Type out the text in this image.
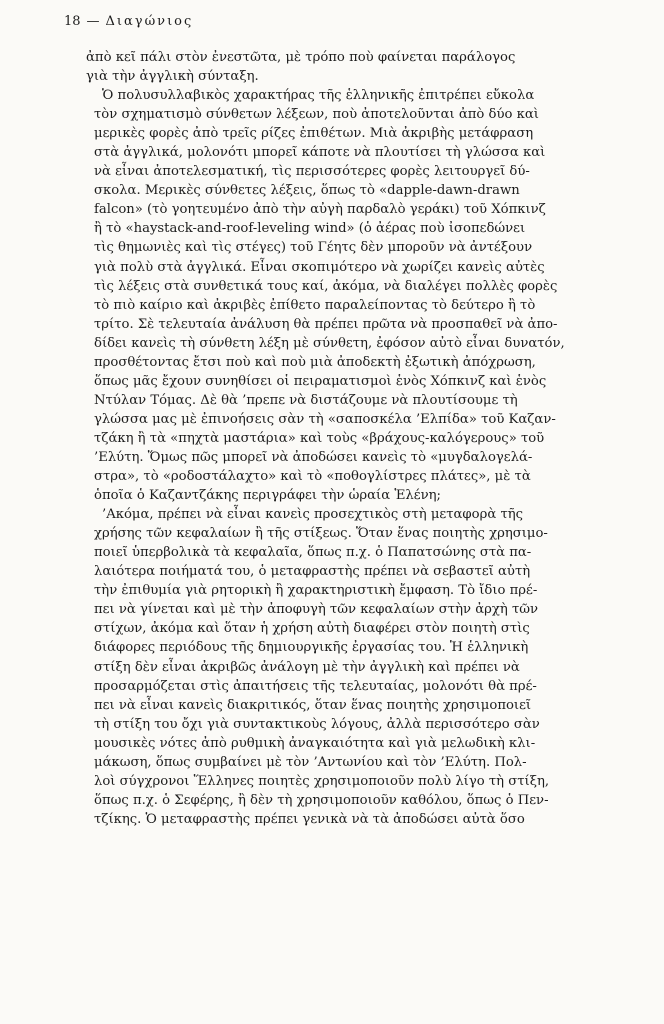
18 — Διαγώνιος

ἀπὸ κεῖ πάλι στὸν ἐνεστῶτα, μὲ τρόπο ποὺ φαίνεται παράλογος
γιὰ τὴν ἀγγλικὴ σύνταξη.

Ὁ πολυσυλλαβικὸς χαρακτήρας τῆς ἑλληνικῆς ἐπιτρέπει εὔκολα
τὸν σχηματισμὸ σύνθετων λέξεων, ποὺ ἀποτελοῦνται ἀπὸ δύο καὶ
μερικὲς φορὲς ἀπὸ τρεῖς ρίζες ἐπιθέτων. Μιὰ ἀκριβὴς μετάφραση
στὰ ἀγγλικά, μολονότι μπορεῖ κάποτε νὰ πλουτίσει τὴ γλώσσα καὶ
νὰ εἶναι ἀποτελεσματική, τὶς περισσότερες φορὲς λειτουργεῖ δύ-
σκολα. Μερικὲς σύνθετες λέξεις, ὅπως τὸ «dapple-dawn-drawn
falcon» (τὸ γοητευμένο ἀπὸ τὴν αὐγὴ παρδαλὸ γεράκι) τοῦ Χόπκινζ
ἢ τὸ «haystack-and-roof-leveling wind» (ὁ ἀέρας ποὺ ἰσοπεδώνει
τὶς θημωνιὲς καὶ τὶς στέγες) τοῦ Γέητς δὲν μποροῦν νὰ ἀντέξουν
γιὰ πολὺ στὰ ἀγγλικά. Εἶναι σκοπιμότερο νὰ χωρίζει κανεὶς αὐτὲς
τὶς λέξεις στὰ συνθετικά τους καί, ἀκόμα, νὰ διαλέγει πολλὲς φορὲς
τὸ πιὸ καίριο καὶ ἀκριβὲς ἐπίθετο παραλείποντας τὸ δεύτερο ἢ τὸ
τρίτο. Σὲ τελευταία ἀνάλυση θὰ πρέπει πρῶτα νὰ προσπαθεῖ νὰ ἀπο-
δίδει κανεὶς τὴ σύνθετη λέξη μὲ σύνθετη, ἐφόσον αὐτὸ εἶναι δυνατόν,
προσθέτοντας ἔτσι ποὺ καὶ ποὺ μιὰ ἀποδεκτὴ ἐξωτικὴ ἀπόχρωση,
ὅπως μᾶς ἔχουν συνηθίσει οἱ πειραματισμοὶ ἑνὸς Χόπκινζ καὶ ἑνὸς
Ντύλαν Τόμας. Δὲ θὰ ’πρεπε νὰ διστάζουμε νὰ πλουτίσουμε τὴ
γλώσσα μας μὲ ἐπινοήσεις σὰν τὴ «σαποσκέλα ’Ελπίδα» τοῦ Καζαν-
τζάκη ἢ τὰ «πηχτὰ μαστάρια» καὶ τοὺς «βράχους-καλόγερους» τοῦ
’Ελύτη. Ὅμως πῶς μπορεῖ νὰ ἀποδώσει κανεὶς τὸ «μυγδαλογελά-
στρα», τὸ «ροδοστάλαχτο» καὶ τὸ «ποθογλίστρες πλάτες», μὲ τὰ
ὁποῖα ὁ Καζαντζάκης περιγράφει τὴν ὡραία Ἑλένη;

’Ακόμα, πρέπει νὰ εἶναι κανεὶς προσεχτικὸς στὴ μεταφορὰ τῆς
χρήσης τῶν κεφαλαίων ἢ τῆς στίξεως. Ὅταν ἕνας ποιητὴς χρησιμο-
ποιεῖ ὑπερβολικὰ τὰ κεφαλαῖα, ὅπως π.χ. ὁ Παπατσώνης στὰ πα-
λαιότερα ποιήματά του, ὁ μεταφραστὴς πρέπει νὰ σεβαστεῖ αὐτὴ
τὴν ἐπιθυμία γιὰ ρητορικὴ ἢ χαρακτηριστικὴ ἔμφαση. Τὸ ἴδιο πρέ-
πει νὰ γίνεται καὶ μὲ τὴν ἀποφυγὴ τῶν κεφαλαίων στὴν ἀρχὴ τῶν
στίχων, ἀκόμα καὶ ὅταν ἡ χρήση αὐτὴ διαφέρει στὸν ποιητὴ στὶς
διάφορες περιόδους τῆς δημιουργικῆς ἐργασίας του. Ἡ ἑλληνικὴ
στίξη δὲν εἶναι ἀκριβῶς ἀνάλογη μὲ τὴν ἀγγλικὴ καὶ πρέπει νὰ
προσαρμόζεται στὶς ἀπαιτήσεις τῆς τελευταίας, μολονότι θὰ πρέ-
πει νὰ εἶναι κανεὶς διακριτικός, ὅταν ἕνας ποιητὴς χρησιμοποιεῖ
τὴ στίξη του ὄχι γιὰ συντακτικοὺς λόγους, ἀλλὰ περισσότερο σὰν
μουσικὲς νότες ἀπὸ ρυθμικὴ ἀναγκαιότητα καὶ γιὰ μελωδικὴ κλι-
μάκωση, ὅπως συμβαίνει μὲ τὸν ’Αντωνίου καὶ τὸν ’Ελύτη. Πολ-
λοὶ σύγχρονοι Ἕλληνες ποιητὲς χρησιμοποιοῦν πολὺ λίγο τὴ στίξη,
ὅπως π.χ. ὁ Σεφέρης, ἢ δὲν τὴ χρησιμοποιοῦν καθόλου, ὅπως ὁ Πεν-
τζίκης. Ὁ μεταφραστὴς πρέπει γενικὰ νὰ τὰ ἀποδώσει αὐτὰ ὅσο
